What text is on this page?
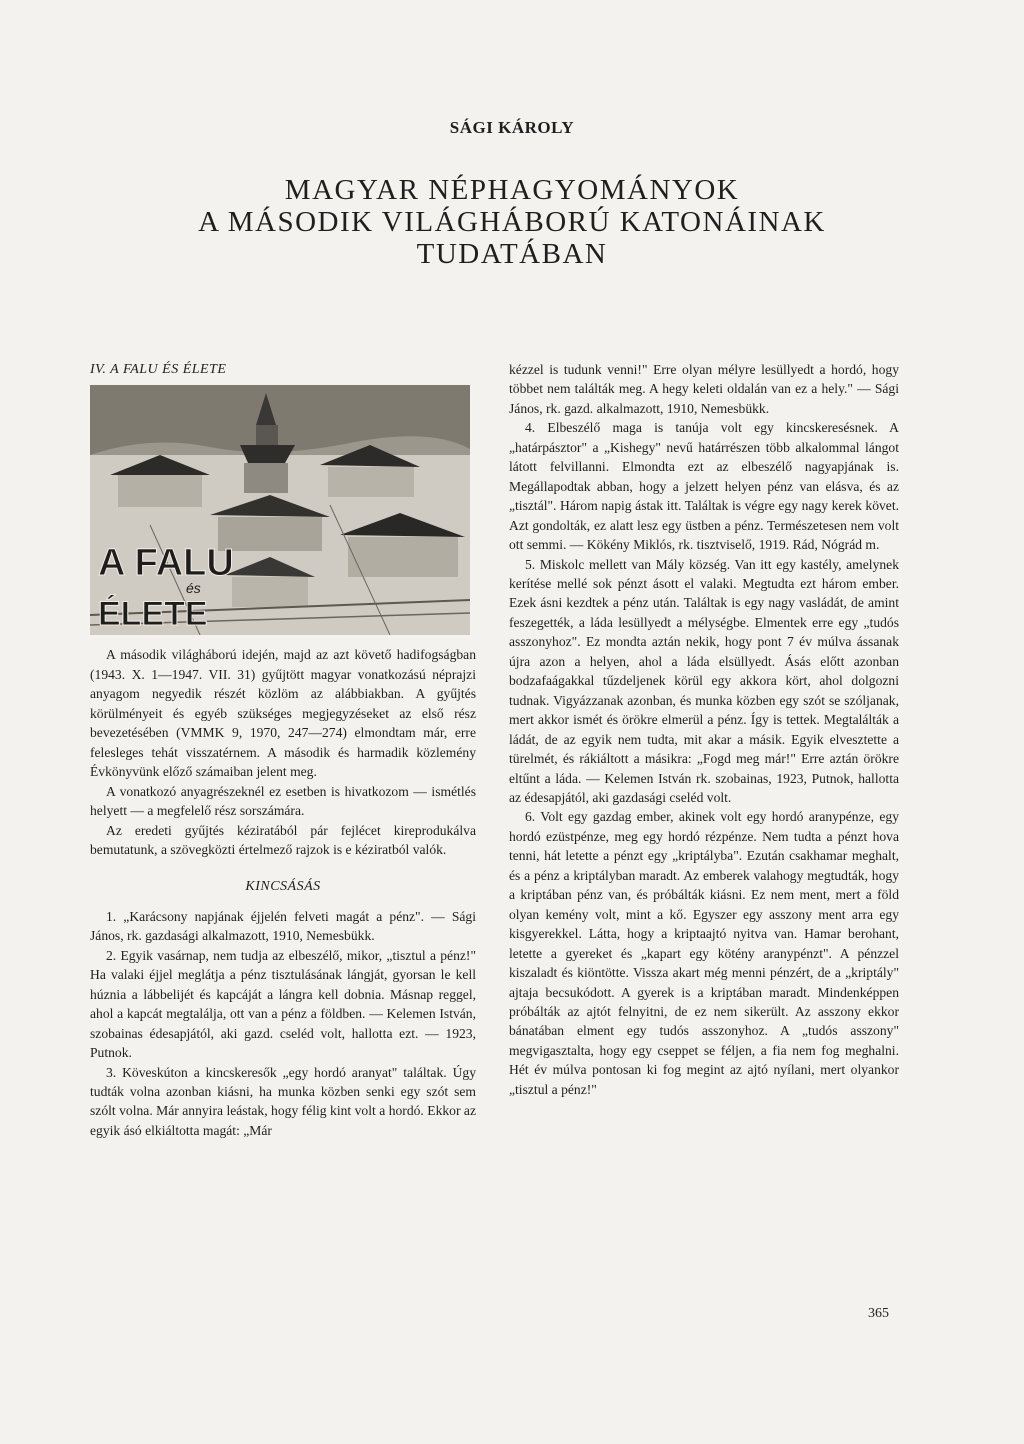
SÁGI KÁROLY
MAGYAR NÉPHAGYOMÁNYOK
A MÁSODIK VILÁGHÁBORÚ KATONÁINAK
TUDATÁBAN

IV. A FALU ÉS ÉLETE

A FALU
és
ÉLETE

A második világháború idején, majd az azt követő hadifogságban (1943. X. 1—1947. VII. 31) gyűjtött magyar vonatkozású néprajzi anyagom negyedik részét közlöm az alábbiakban. A gyűjtés körülményeit és egyéb szükséges megjegyzéseket az első rész bevezetésében (VMMK 9, 1970, 247—274) elmondtam már, erre felesleges tehát visszatérnem. A második és harmadik közlemény Évkönyvünk előző számaiban jelent meg.

A vonatkozó anyagrészeknél ez esetben is hivatkozom — ismétlés helyett — a megfelelő rész sorszámára.

Az eredeti gyűjtés kéziratából pár fejlécet kireprodukálva bemutatunk, a szövegközti értelmező rajzok is e kéziratból valók.

KINCSÁSÁS

1. „Karácsony napjának éjjelén felveti magát a pénz". — Sági János, rk. gazdasági alkalmazott, 1910, Nemesbükk.

2. Egyik vasárnap, nem tudja az elbeszélő, mikor, „tisztul a pénz!" Ha valaki éjjel meglátja a pénz tisztulásának lángját, gyorsan le kell húznia a lábbelijét és kapcáját a lángra kell dobnia. Másnap reggel, ahol a kapcát megtalálja, ott van a pénz a földben. — Kelemen István, szobainas édesapjától, aki gazd. cseléd volt, hallotta ezt. — 1923, Putnok.

3. Köveskúton a kincskeresők „egy hordó aranyat" találtak. Úgy tudták volna azonban kiásni, ha munka közben senki egy szót sem szólt volna. Már annyira leástak, hogy félig kint volt a hordó. Ekkor az egyik ásó elkiáltotta magát: „Már

kézzel is tudunk venni!" Erre olyan mélyre lesüllyedt a hordó, hogy többet nem találták meg. A hegy keleti oldalán van ez a hely." — Sági János, rk. gazd. alkalmazott, 1910, Nemesbükk.

4. Elbeszélő maga is tanúja volt egy kincskeresésnek. A „határpásztor" a „Kishegy" nevű határrészen több alkalommal lángot látott felvillanni. Elmondta ezt az elbeszélő nagyapjának is. Megállapodtak abban, hogy a jelzett helyen pénz van elásva, és az „tisztál". Három napig ástak itt. Találtak is végre egy nagy kerek követ. Azt gondolták, ez alatt lesz egy üstben a pénz. Természetesen nem volt ott semmi. — Kökény Miklós, rk. tisztviselő, 1919. Rád, Nógrád m.

5. Miskolc mellett van Mály község. Van itt egy kastély, amelynek kerítése mellé sok pénzt ásott el valaki. Megtudta ezt három ember. Ezek ásni kezdtek a pénz után. Találtak is egy nagy vasládát, de amint feszegették, a láda lesüllyedt a mélységbe. Elmentek erre egy „tudós asszonyhoz". Ez mondta aztán nekik, hogy pont 7 év múlva ássanak újra azon a helyen, ahol a láda elsüllyedt. Ásás előtt azonban bodzafaágakkal tűzdeljenek körül egy akkora kört, ahol dolgozni tudnak. Vigyázzanak azonban, és munka közben egy szót se szóljanak, mert akkor ismét és örökre elmerül a pénz. Így is tettek. Megtalálták a ládát, de az egyik nem tudta, mit akar a másik. Egyik elvesztette a türelmét, és rákiáltott a másikra: „Fogd meg már!" Erre aztán örökre eltűnt a láda. — Kelemen István rk. szobainas, 1923, Putnok, hallotta az édesapjától, aki gazdasági cseléd volt.

6. Volt egy gazdag ember, akinek volt egy hordó aranypénze, egy hordó ezüstpénze, meg egy hordó rézpénze. Nem tudta a pénzt hova tenni, hát letette a pénzt egy „kriptályba". Ezután csakhamar meghalt, és a pénz a kriptályban maradt. Az emberek valahogy megtudták, hogy a kriptában pénz van, és próbálták kiásni. Ez nem ment, mert a föld olyan kemény volt, mint a kő. Egyszer egy asszony ment arra egy kisgyerekkel. Látta, hogy a kriptaajtó nyitva van. Hamar berohant, letette a gyereket és „kapart egy kötény aranypénzt". A pénzzel kiszaladt és kiöntötte. Vissza akart még menni pénzért, de a „kriptály" ajtaja becsukódott. A gyerek is a kriptában maradt. Mindenképpen próbálták az ajtót felnyitni, de ez nem sikerült. Az asszony ekkor bánatában elment egy tudós asszonyhoz. A „tudós asszony" megvigasztalta, hogy egy cseppet se féljen, a fia nem fog meghalni. Hét év múlva pontosan ki fog megint az ajtó nyílani, mert olyankor „tisztul a pénz!"

365
